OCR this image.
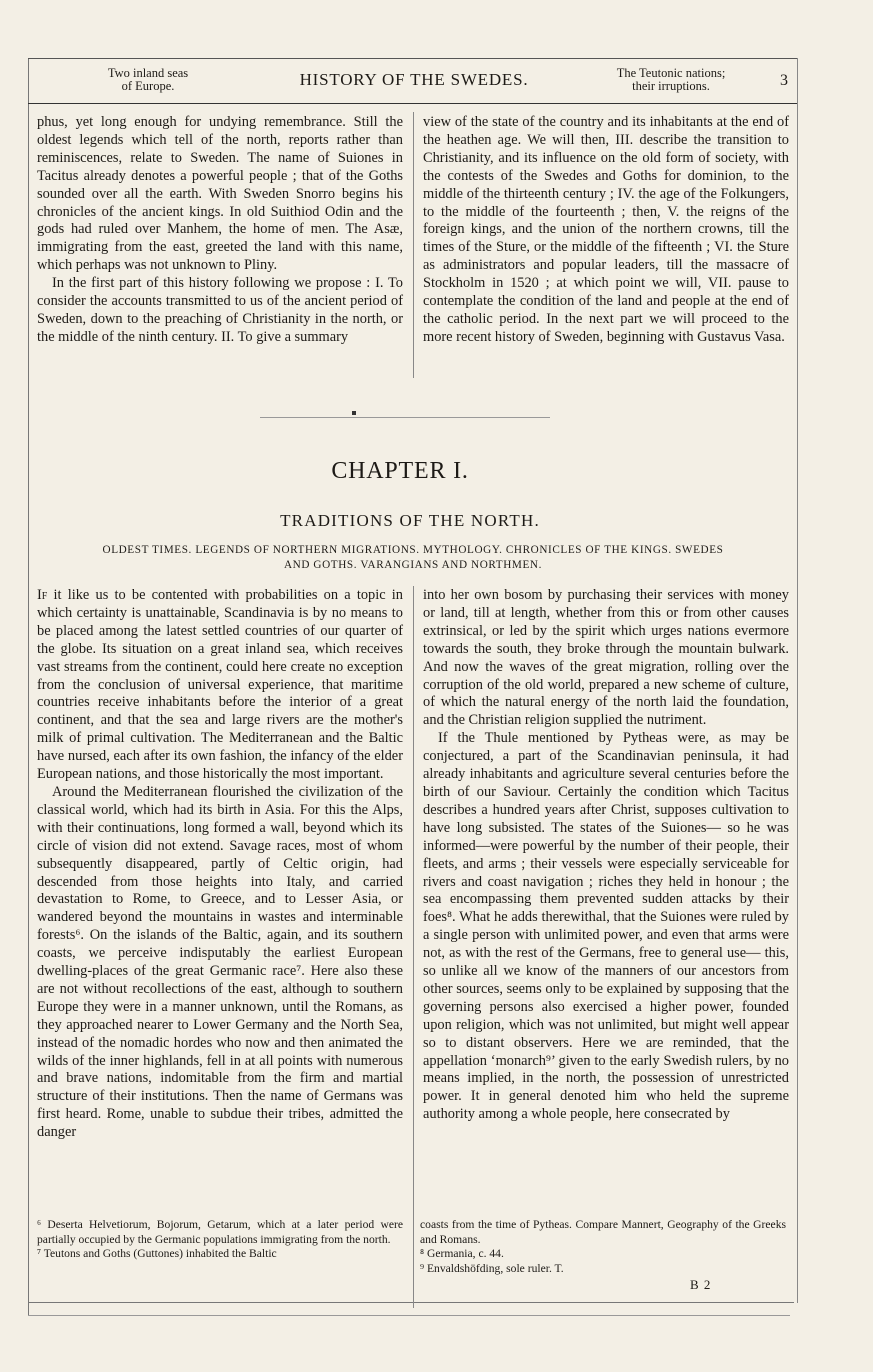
Two inland seas
of Europe.	HISTORY OF THE SWEDES.	The Teutonic nations;
their irruptions.	3

phus, yet long enough for undying remembrance. Still the oldest legends which tell of the north, reports rather than reminiscences, relate to Sweden. The name of Suiones in Tacitus already denotes a powerful people ; that of the Goths sounded over all the earth. With Sweden Snorro begins his chronicles of the ancient kings. In old Suithiod Odin and the gods had ruled over Manhem, the home of men. The Asæ, immigrating from the east, greeted the land with this name, which perhaps was not unknown to Pliny.

In the first part of this history following we propose : I. To consider the accounts transmitted to us of the ancient period of Sweden, down to the preaching of Christianity in the north, or the middle of the ninth century. II. To give a summary

view of the state of the country and its inhabitants at the end of the heathen age. We will then, III. describe the transition to Christianity, and its influence on the old form of society, with the contests of the Swedes and Goths for dominion, to the middle of the thirteenth century ; IV. the age of the Folkungers, to the middle of the fourteenth ; then, V. the reigns of the foreign kings, and the union of the northern crowns, till the times of the Sture, or the middle of the fifteenth ; VI. the Sture as administrators and popular leaders, till the massacre of Stockholm in 1520 ; at which point we will, VII. pause to contemplate the condition of the land and people at the end of the catholic period. In the next part we will proceed to the more recent history of Sweden, beginning with Gustavus Vasa.

CHAPTER I.
TRADITIONS OF THE NORTH.
OLDEST TIMES. LEGENDS OF NORTHERN MIGRATIONS. MYTHOLOGY. CHRONICLES OF THE KINGS. SWEDES
AND GOTHS. VARANGIANS AND NORTHMEN.

If it like us to be contented with probabilities on a topic in which certainty is unattainable, Scandinavia is by no means to be placed among the latest settled countries of our quarter of the globe. Its situation on a great inland sea, which receives vast streams from the continent, could here create no exception from the conclusion of universal experience, that maritime countries receive inhabitants before the interior of a great continent, and that the sea and large rivers are the mother's milk of primal cultivation. The Mediterranean and the Baltic have nursed, each after its own fashion, the infancy of the elder European nations, and those historically the most important.

Around the Mediterranean flourished the civilization of the classical world, which had its birth in Asia. For this the Alps, with their continuations, long formed a wall, beyond which its circle of vision did not extend. Savage races, most of whom subsequently disappeared, partly of Celtic origin, had descended from those heights into Italy, and carried devastation to Rome, to Greece, and to Lesser Asia, or wandered beyond the mountains in wastes and interminable forests⁶. On the islands of the Baltic, again, and its southern coasts, we perceive indisputably the earliest European dwelling-places of the great Germanic race⁷. Here also these are not without recollections of the east, although to southern Europe they were in a manner unknown, until the Romans, as they approached nearer to Lower Germany and the North Sea, instead of the nomadic hordes who now and then animated the wilds of the inner highlands, fell in at all points with numerous and brave nations, indomitable from the firm and martial structure of their institutions. Then the name of Germans was first heard. Rome, unable to subdue their tribes, admitted the danger

into her own bosom by purchasing their services with money or land, till at length, whether from this or from other causes extrinsical, or led by the spirit which urges nations evermore towards the south, they broke through the mountain bulwark. And now the waves of the great migration, rolling over the corruption of the old world, prepared a new scheme of culture, of which the natural energy of the north laid the foundation, and the Christian religion supplied the nutriment.

If the Thule mentioned by Pytheas were, as may be conjectured, a part of the Scandinavian peninsula, it had already inhabitants and agriculture several centuries before the birth of our Saviour. Certainly the condition which Tacitus describes a hundred years after Christ, supposes cultivation to have long subsisted. The states of the Suiones— so he was informed—were powerful by the number of their people, their fleets, and arms ; their vessels were especially serviceable for rivers and coast navigation ; riches they held in honour ; the sea encompassing them prevented sudden attacks by their foes⁸. What he adds therewithal, that the Suiones were ruled by a single person with unlimited power, and even that arms were not, as with the rest of the Germans, free to general use— this, so unlike all we know of the manners of our ancestors from other sources, seems only to be explained by supposing that the governing persons also exercised a higher power, founded upon religion, which was not unlimited, but might well appear so to distant observers. Here we are reminded, that the appellation ‘monarch⁹’ given to the early Swedish rulers, by no means implied, in the north, the possession of unrestricted power. It in general denoted him who held the supreme authority among a whole people, here consecrated by

⁶ Deserta Helvetiorum, Bojorum, Getarum, which at a later period were partially occupied by the Germanic populations immigrating from the north.

⁷ Teutons and Goths (Guttones) inhabited the Baltic

coasts from the time of Pytheas. Compare Mannert, Geography of the Greeks and Romans.

⁸ Germania, c. 44.

⁹ Envaldshöfding, sole ruler. T.

B 2
